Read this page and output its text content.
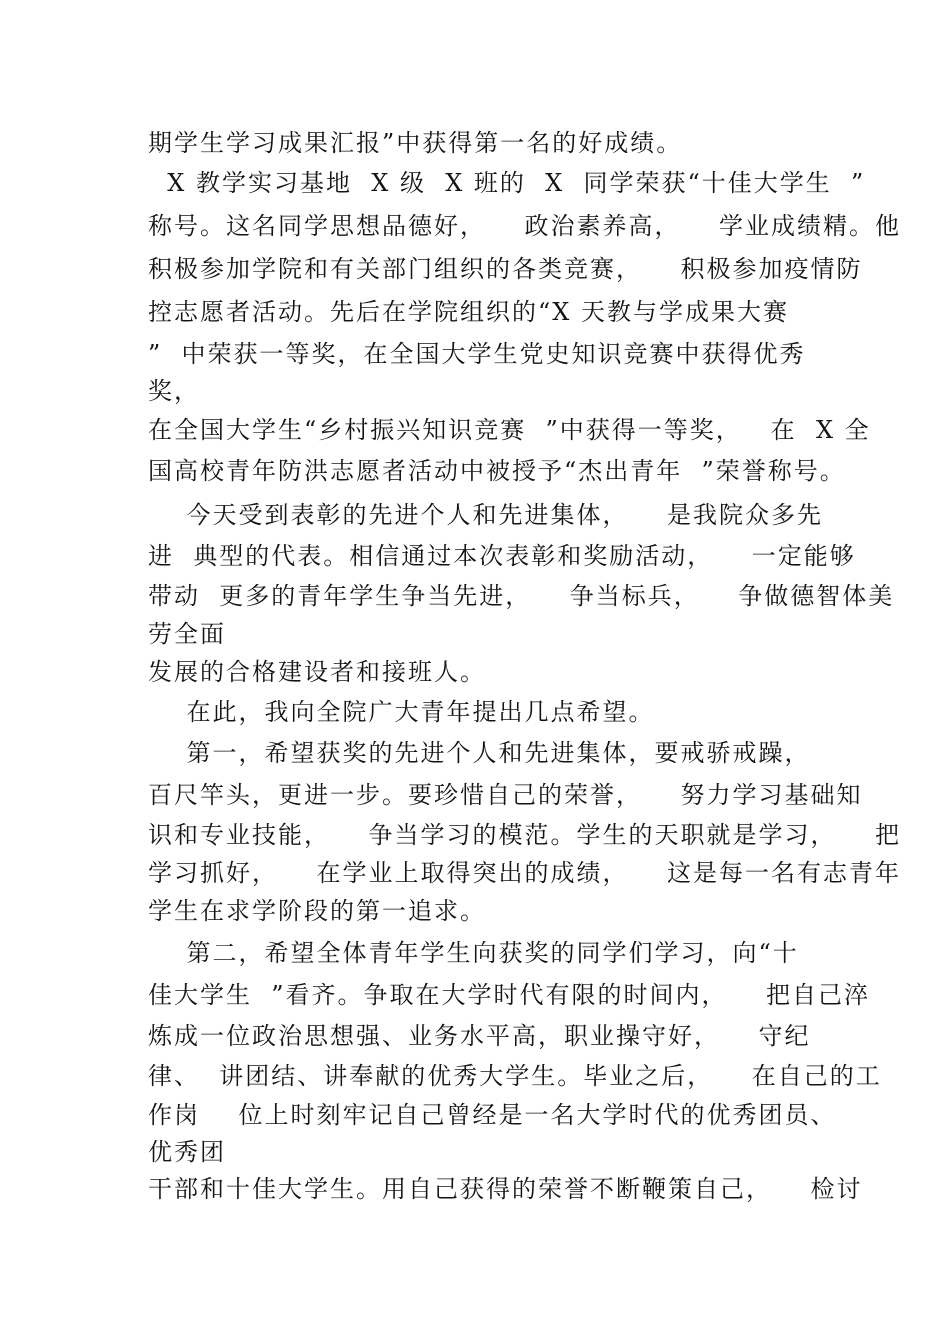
期学生学习成果汇报”中获得第一名的好成绩。
X 教学实习基地  X 级  X 班的  X  同学荣获“十佳大学生  ”
称号。这名同学思想品德好，    政治素养高，    学业成绩精。他
积极参加学院和有关部门组织的各类竞赛，    积极参加疫情防
控志愿者活动。先后在学院组织的“X 天教与学成果大赛
”  中荣获一等奖，在全国大学生党史知识竞赛中获得优秀
奖，
在全国大学生“乡村振兴知识竞赛  ”中获得一等奖，   在  X 全
国高校青年防洪志愿者活动中被授予“杰出青年  ”荣誉称号。
今天受到表彰的先进个人和先进集体，    是我院众多先
进  典型的代表。相信通过本次表彰和奖励活动，    一定能够
带动  更多的青年学生争当先进，    争当标兵，    争做德智体美
劳全面
发展的合格建设者和接班人。
在此，我向全院广大青年提出几点希望。
第一，希望获奖的先进个人和先进集体，要戒骄戒躁，
百尺竿头，更进一步。要珍惜自己的荣誉，    努力学习基础知
识和专业技能，    争当学习的模范。学生的天职就是学习，    把
学习抓好，    在学业上取得突出的成绩，    这是每一名有志青年
学生在求学阶段的第一追求。
第二，希望全体青年学生向获奖的同学们学习，向“十
佳大学生  ”看齐。争取在大学时代有限的时间内，    把自己淬
炼成一位政治思想强、业务水平高，职业操守好，    守纪
律、  讲团结、讲奉献的优秀大学生。毕业之后，    在自己的工
作岗    位上时刻牢记自己曾经是一名大学时代的优秀团员、
优秀团
干部和十佳大学生。用自己获得的荣誉不断鞭策自己，    检讨
